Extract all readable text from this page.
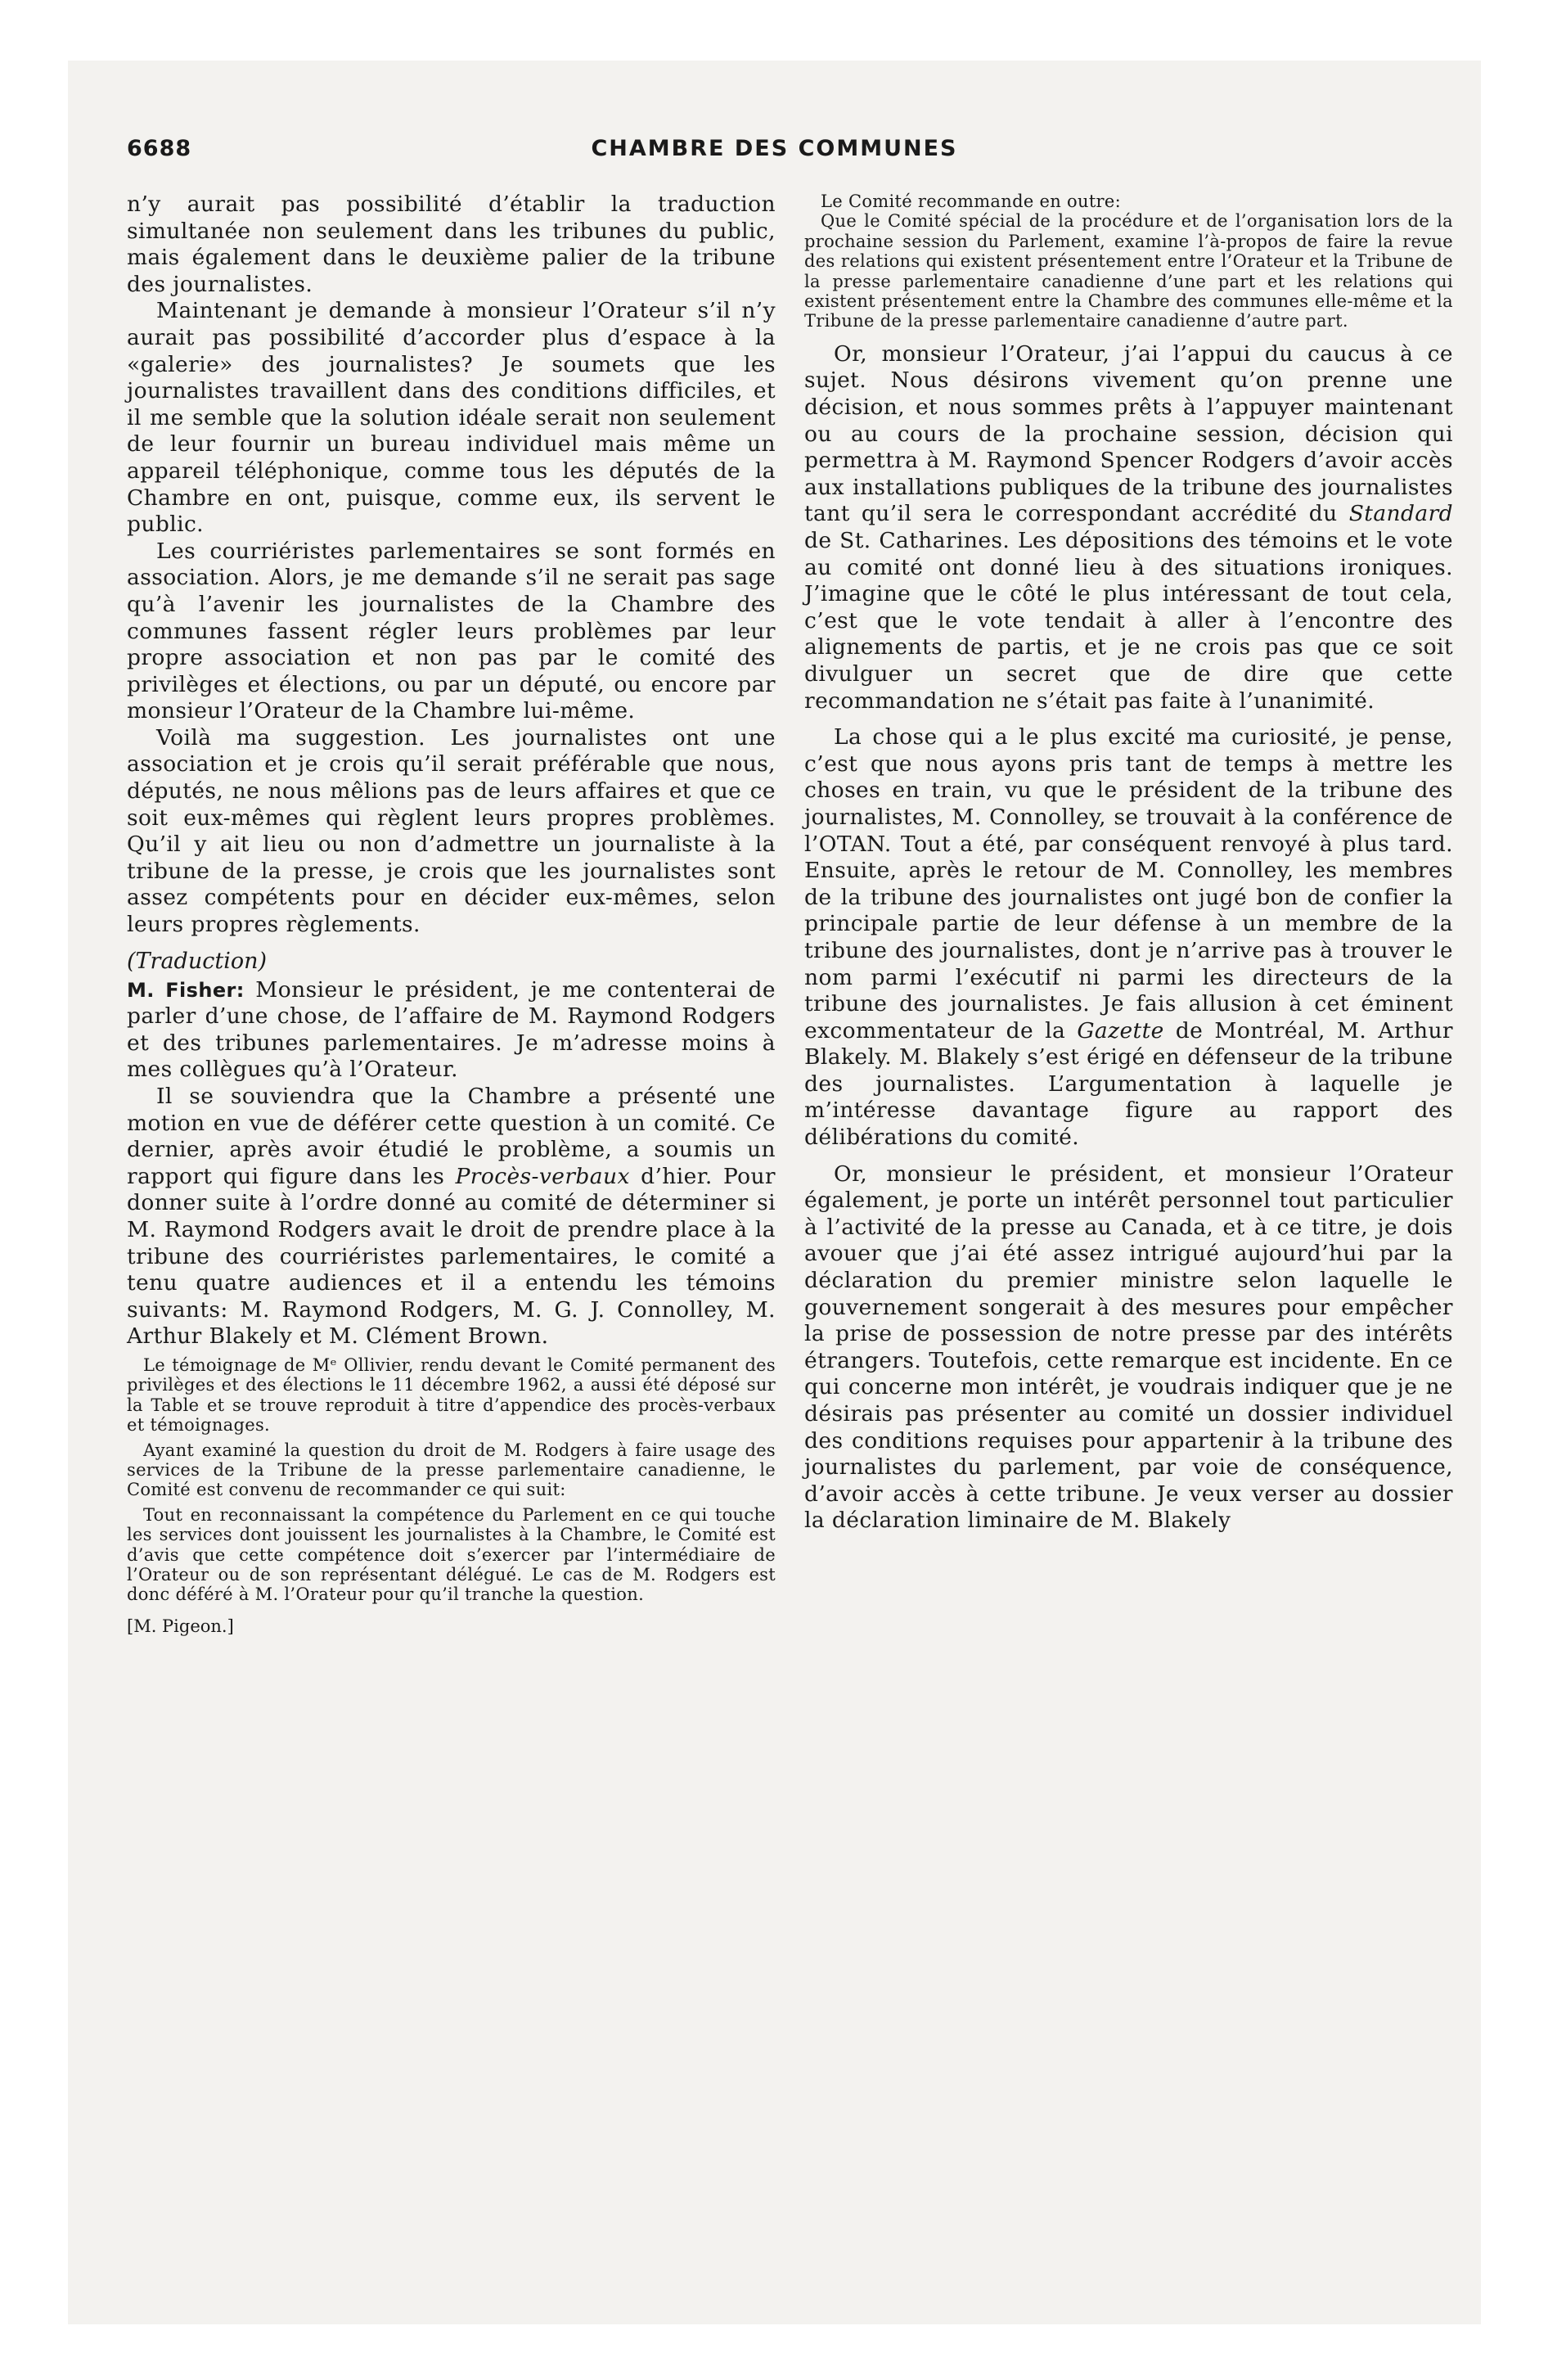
6688	CHAMBRE DES COMMUNES

n’y aurait pas possibilité d’établir la traduction simultanée non seulement dans les tribunes du public, mais également dans le deuxième palier de la tribune des journalistes.

Maintenant je demande à monsieur l’Orateur s’il n’y aurait pas possibilité d’accorder plus d’espace à la «galerie» des journalistes? Je soumets que les journalistes travaillent dans des conditions difficiles, et il me semble que la solution idéale serait non seulement de leur fournir un bureau individuel mais même un appareil téléphonique, comme tous les députés de la Chambre en ont, puisque, comme eux, ils servent le public.

Les courriéristes parlementaires se sont formés en association. Alors, je me demande s’il ne serait pas sage qu’à l’avenir les journalistes de la Chambre des communes fassent régler leurs problèmes par leur propre association et non pas par le comité des privilèges et élections, ou par un député, ou encore par monsieur l’Orateur de la Chambre lui-même.

Voilà ma suggestion. Les journalistes ont une association et je crois qu’il serait préférable que nous, députés, ne nous mêlions pas de leurs affaires et que ce soit eux-mêmes qui règlent leurs propres problèmes. Qu’il y ait lieu ou non d’admettre un journaliste à la tribune de la presse, je crois que les journalistes sont assez compétents pour en décider eux-mêmes, selon leurs propres règlements.

(Traduction)

M. Fisher: Monsieur le président, je me contenterai de parler d’une chose, de l’affaire de M. Raymond Rodgers et des tribunes parlementaires. Je m’adresse moins à mes collègues qu’à l’Orateur.

Il se souviendra que la Chambre a présenté une motion en vue de déférer cette question à un comité. Ce dernier, après avoir étudié le problème, a soumis un rapport qui figure dans les Procès-verbaux d’hier. Pour donner suite à l’ordre donné au comité de déterminer si M. Raymond Rodgers avait le droit de prendre place à la tribune des courriéristes parlementaires, le comité a tenu quatre audiences et il a entendu les témoins suivants: M. Raymond Rodgers, M. G. J. Connolley, M. Arthur Blakely et M. Clément Brown.

Le témoignage de Mᵉ Ollivier, rendu devant le Comité permanent des privilèges et des élections le 11 décembre 1962, a aussi été déposé sur la Table et se trouve reproduit à titre d’appendice des procès-verbaux et témoignages.

Ayant examiné la question du droit de M. Rodgers à faire usage des services de la Tribune de la presse parlementaire canadienne, le Comité est convenu de recommander ce qui suit:

Tout en reconnaissant la compétence du Parlement en ce qui touche les services dont jouissent les journalistes à la Chambre, le Comité est d’avis que cette compétence doit s’exercer par l’intermédiaire de l’Orateur ou de son représentant délégué. Le cas de M. Rodgers est donc déféré à M. l’Orateur pour qu’il tranche la question.

[M. Pigeon.]

Le Comité recommande en outre:

Que le Comité spécial de la procédure et de l’organisation lors de la prochaine session du Parlement, examine l’à-propos de faire la revue des relations qui existent présentement entre l’Orateur et la Tribune de la presse parlementaire canadienne d’une part et les relations qui existent présentement entre la Chambre des communes elle-même et la Tribune de la presse parlementaire canadienne d’autre part.

Or, monsieur l’Orateur, j’ai l’appui du caucus à ce sujet. Nous désirons vivement qu’on prenne une décision, et nous sommes prêts à l’appuyer maintenant ou au cours de la prochaine session, décision qui permettra à M. Raymond Spencer Rodgers d’avoir accès aux installations publiques de la tribune des journalistes tant qu’il sera le correspondant accrédité du Standard de St. Catharines. Les dépositions des témoins et le vote au comité ont donné lieu à des situations ironiques. J’imagine que le côté le plus intéressant de tout cela, c’est que le vote tendait à aller à l’encontre des alignements de partis, et je ne crois pas que ce soit divulguer un secret que de dire que cette recommandation ne s’était pas faite à l’unanimité.

La chose qui a le plus excité ma curiosité, je pense, c’est que nous ayons pris tant de temps à mettre les choses en train, vu que le président de la tribune des journalistes, M. Connolley, se trouvait à la conférence de l’OTAN. Tout a été, par conséquent renvoyé à plus tard. Ensuite, après le retour de M. Connolley, les membres de la tribune des journalistes ont jugé bon de confier la principale partie de leur défense à un membre de la tribune des journalistes, dont je n’arrive pas à trouver le nom parmi l’exécutif ni parmi les directeurs de la tribune des journalistes. Je fais allusion à cet éminent excommentateur de la Gazette de Montréal, M. Arthur Blakely. M. Blakely s’est érigé en défenseur de la tribune des journalistes. L’argumentation à laquelle je m’intéresse davantage figure au rapport des délibérations du comité.

Or, monsieur le président, et monsieur l’Orateur également, je porte un intérêt personnel tout particulier à l’activité de la presse au Canada, et à ce titre, je dois avouer que j’ai été assez intrigué aujourd’hui par la déclaration du premier ministre selon laquelle le gouvernement songerait à des mesures pour empêcher la prise de possession de notre presse par des intérêts étrangers. Toutefois, cette remarque est incidente. En ce qui concerne mon intérêt, je voudrais indiquer que je ne désirais pas présenter au comité un dossier individuel des conditions requises pour appartenir à la tribune des journalistes du parlement, par voie de conséquence, d’avoir accès à cette tribune. Je veux verser au dossier la déclaration liminaire de M. Blakely
